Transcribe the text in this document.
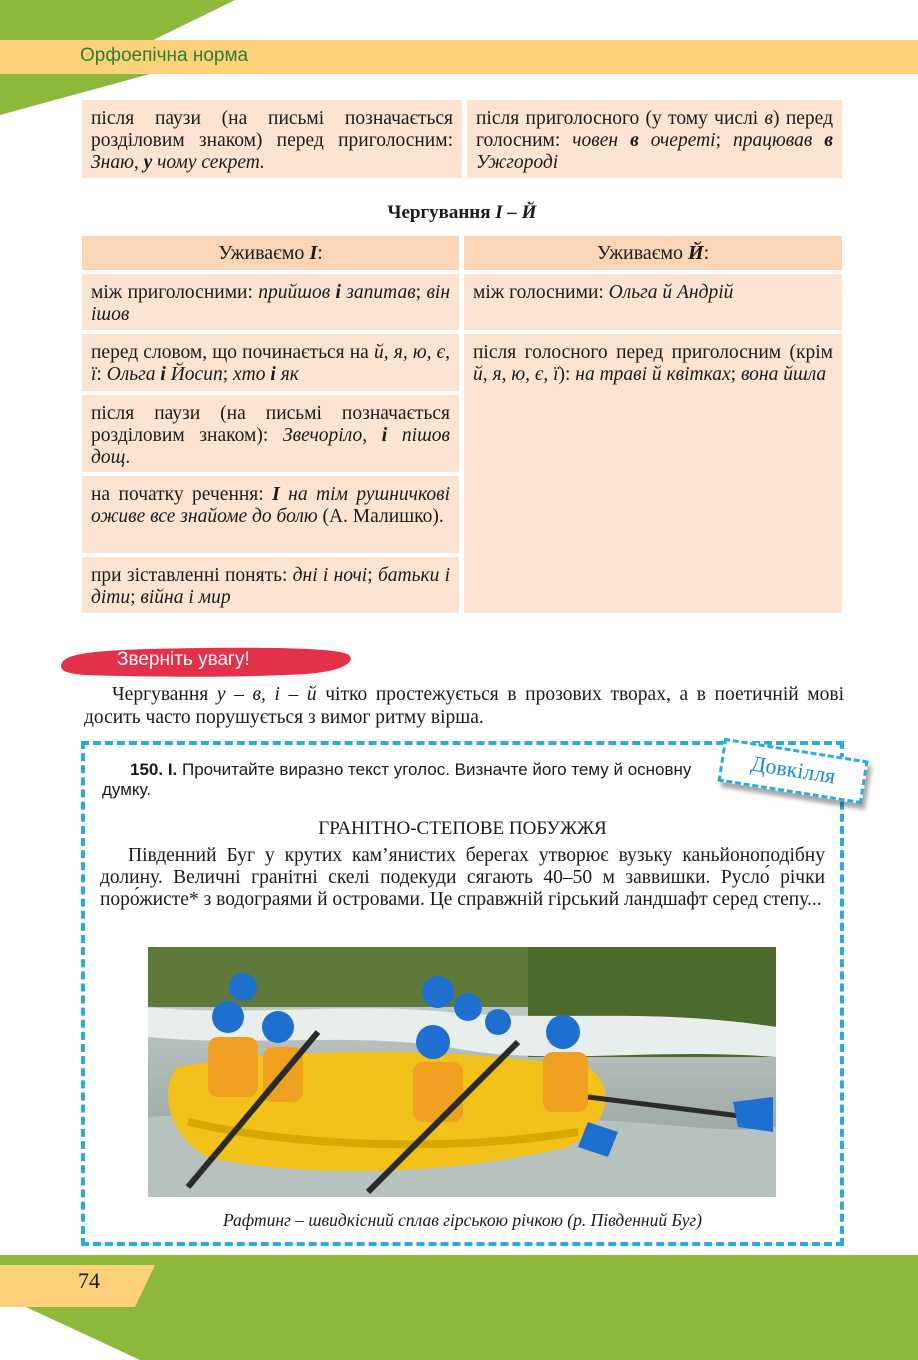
Орфоепічна норма
після паузи (на письмі позначається розділовим знаком) перед приголосним: Знаю, у чому секрет.
після приголосного (у тому числі в) перед голосним: човен в очереті; працював в Ужгороді
Чергування І – Й
Уживаємо І:	Уживаємо Й:
між приголосними: прийшов і запитав; він ішов
перед словом, що починається на й, я, ю, є, ї: Ольга і Йосип; хто і як
після паузи (на письмі позначається розділовим знаком): Звечоріло, і пішов дощ.
на початку речення: І на тім рушничкові оживе все знайоме до болю (А. Малишко).
при зіставленні понять: дні і ночі; батьки і діти; війна і мир
між голосними: Ольга й Андрій
після голосного перед приголосним (крім й, я, ю, є, ї): на траві й квітках; вона йшла
Зверніть увагу!
Чергування у – в, і – й чітко простежується в прозових творах, а в поетичній мові досить часто порушується з вимог ритму вірша.
Довкілля
150. І. Прочитайте виразно текст уголос. Визначте його тему й основну думку.
ГРАНІТНО-СТЕПОВЕ ПОБУЖЖЯ
Південний Буг у крутих кам’янистих берегах утворює вузьку каньйоноподібну долину. Величні гранітні скелі подекуди сягають 40–50 м заввишки. Русло́ річки поро́жисте* з водограями й островами. Це справжній гірський ландшафт серед степу...
Рафтинг – швидкісний сплав гірською річкою (р. Південний Буг)
74
